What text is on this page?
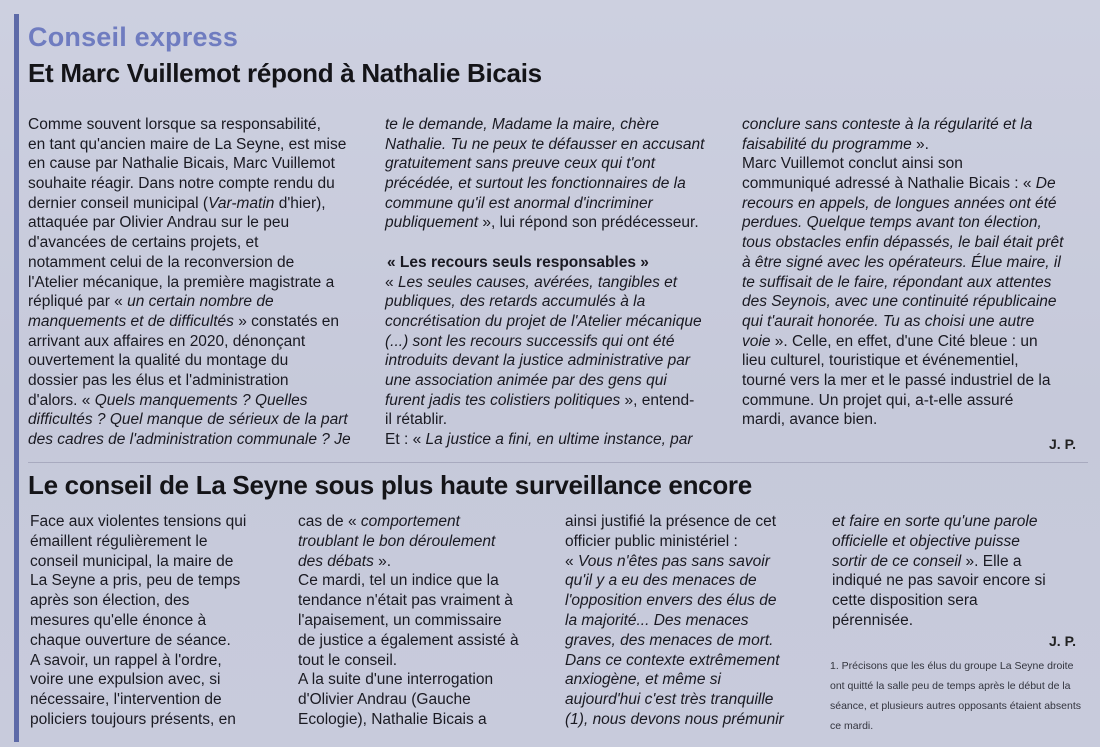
Conseil express
Et Marc Vuillemot répond à Nathalie Bicais
Comme souvent lorsque sa responsabilité,
en tant qu'ancien maire de La Seyne, est mise
en cause par Nathalie Bicais, Marc Vuillemot
souhaite réagir. Dans notre compte rendu du
dernier conseil municipal (Var-matin d'hier),
attaquée par Olivier Andrau sur le peu
d'avancées de certains projets, et
notamment celui de la reconversion de
l'Atelier mécanique, la première magistrate a
répliqué par « un certain nombre de
manquements et de difficultés » constatés en
arrivant aux affaires en 2020, dénonçant
ouvertement la qualité du montage du
dossier pas les élus et l'administration
d'alors. « Quels manquements ? Quelles
difficultés ? Quel manque de sérieux de la part
des cadres de l'administration communale ? Je
te le demande, Madame la maire, chère
Nathalie. Tu ne peux te défausser en accusant
gratuitement sans preuve ceux qui t'ont
précédée, et surtout les fonctionnaires de la
commune qu'il est anormal d'incriminer
publiquement », lui répond son prédécesseur.
« Les recours seuls responsables »
« Les seules causes, avérées, tangibles et
publiques, des retards accumulés à la
concrétisation du projet de l'Atelier mécanique
(...) sont les recours successifs qui ont été
introduits devant la justice administrative par
une association animée par des gens qui
furent jadis tes colistiers politiques », entend-
il rétablir.
Et : « La justice a fini, en ultime instance, par
conclure sans conteste à la régularité et la
faisabilité du programme ».
Marc Vuillemot conclut ainsi son
communiqué adressé à Nathalie Bicais : « De
recours en appels, de longues années ont été
perdues. Quelque temps avant ton élection,
tous obstacles enfin dépassés, le bail était prêt
à être signé avec les opérateurs. Élue maire, il
te suffisait de le faire, répondant aux attentes
des Seynois, avec une continuité républicaine
qui t'aurait honorée. Tu as choisi une autre
voie ». Celle, en effet, d'une Cité bleue : un
lieu culturel, touristique et événementiel,
tourné vers la mer et le passé industriel de la
commune. Un projet qui, a-t-elle assuré
mardi, avance bien.
J. P.
Le conseil de La Seyne sous plus haute surveillance encore
Face aux violentes tensions qui
émaillent régulièrement le
conseil municipal, la maire de
La Seyne a pris, peu de temps
après son élection, des
mesures qu'elle énonce à
chaque ouverture de séance.
A savoir, un rappel à l'ordre,
voire une expulsion avec, si
nécessaire, l'intervention de
policiers toujours présents, en
cas de « comportement
troublant le bon déroulement
des débats ».
Ce mardi, tel un indice que la
tendance n'était pas vraiment à
l'apaisement, un commissaire
de justice a également assisté à
tout le conseil.
A la suite d'une interrogation
d'Olivier Andrau (Gauche
Ecologie), Nathalie Bicais a
ainsi justifié la présence de cet
officier public ministériel :
« Vous n'êtes pas sans savoir
qu'il y a eu des menaces de
l'opposition envers des élus de
la majorité... Des menaces
graves, des menaces de mort.
Dans ce contexte extrêmement
anxiogène, et même si
aujourd'hui c'est très tranquille
(1), nous devons nous prémunir
et faire en sorte qu'une parole
officielle et objective puisse
sortir de ce conseil ». Elle a
indiqué ne pas savoir encore si
cette disposition sera
pérennisée.
J. P.
1. Précisons que les élus du groupe La Seyne droite
ont quitté la salle peu de temps après le début de la
séance, et plusieurs autres opposants étaient absents
ce mardi.
